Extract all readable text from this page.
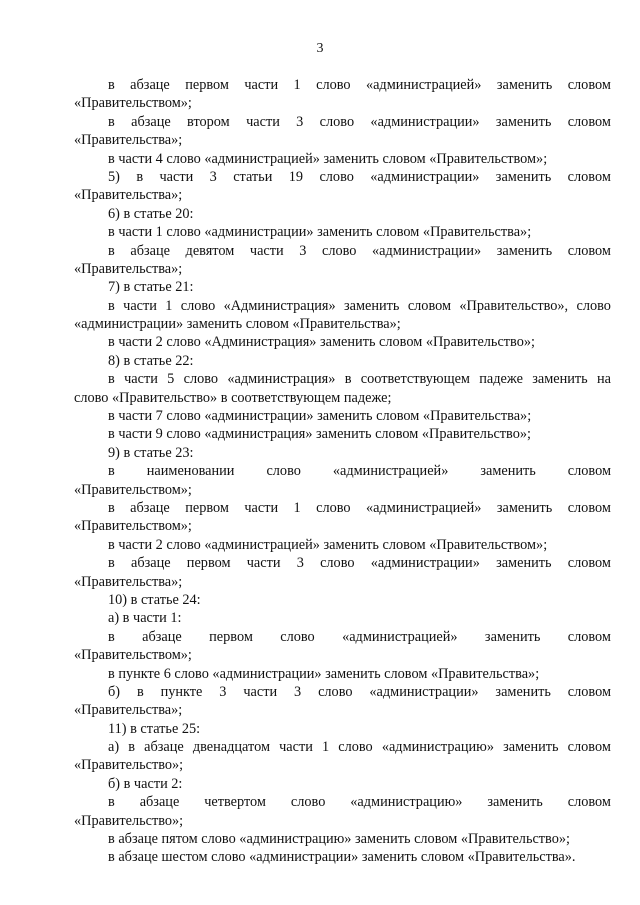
3
в абзаце первом части 1 слово «администрацией» заменить словом
«Правительством»;
в абзаце втором части 3 слово «администрации» заменить словом
«Правительства»;
в части 4 слово «администрацией» заменить словом «Правительством»;
5) в части 3 статьи 19 слово «администрации» заменить словом
«Правительства»;
6) в статье 20:
в части 1 слово «администрации» заменить словом «Правительства»;
в абзаце девятом части 3 слово «администрации» заменить словом
«Правительства»;
7) в статье 21:
в части 1 слово «Администрация» заменить словом «Правительство», слово
«администрации» заменить словом «Правительства»;
в части 2 слово «Администрация» заменить словом «Правительство»;
8) в статье 22:
в части 5 слово «администрация» в соответствующем падеже заменить на
слово «Правительство» в соответствующем падеже;
в части 7 слово «администрации» заменить словом «Правительства»;
в части 9 слово «администрация» заменить словом «Правительство»;
9) в статье 23:
в наименовании слово «администрацией» заменить словом
«Правительством»;
в абзаце первом части 1 слово «администрацией» заменить словом
«Правительством»;
в части 2 слово «администрацией» заменить словом «Правительством»;
в абзаце первом части 3 слово «администрации» заменить словом
«Правительства»;
10) в статье 24:
а) в части 1:
в абзаце первом слово «администрацией» заменить словом
«Правительством»;
в пункте 6 слово «администрации» заменить словом «Правительства»;
б) в пункте 3 части 3 слово «администрации» заменить словом
«Правительства»;
11) в статье 25:
а) в абзаце двенадцатом части 1 слово «администрацию» заменить словом
«Правительство»;
б) в части 2:
в абзаце четвертом слово «администрацию» заменить словом
«Правительство»;
в абзаце пятом слово «администрацию» заменить словом «Правительство»;
в абзаце шестом слово «администрации» заменить словом «Правительства».
